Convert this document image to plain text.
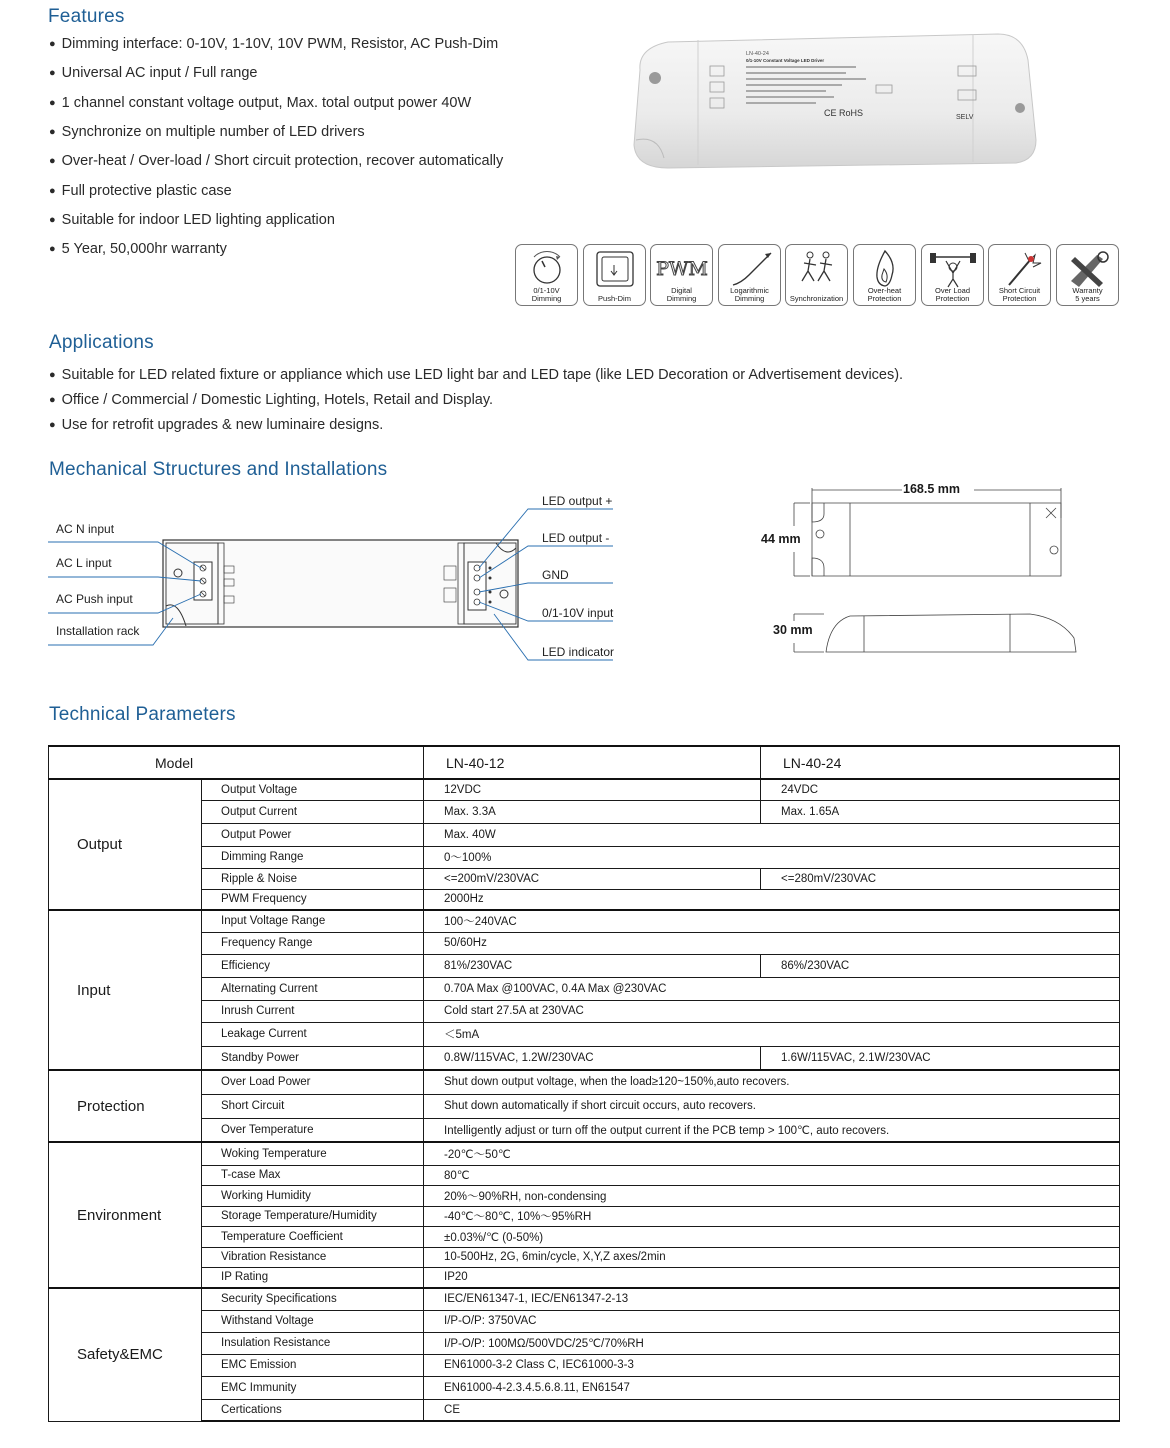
Features
● Dimming interface: 0-10V, 1-10V, 10V PWM, Resistor, AC Push-Dim
● Universal AC input / Full range
● 1 channel constant voltage output, Max. total output power 40W
● Synchronize on multiple number of LED drivers
● Over-heat / Over-load / Short circuit protection, recover automatically
● Full protective plastic case
● Suitable for indoor LED lighting application
● 5 Year, 50,000hr warranty
LN-40-24
0/1-10V Constant Voltage LED Driver
CE RoHS	SELV
0/1-10V
Dimming	Push-Dim
PWM
Digital
Dimming
Logarithmic
Dimming	Synchronization
Over-heat
Protection
Over Load
Protection
Short Circuit
Protection
Warranty
5 years
Applications
● Suitable for LED related fixture or appliance which use LED light bar and LED tape (like LED Decoration or Advertisement devices).
● Office / Commercial / Domestic Lighting, Hotels, Retail and Display.
● Use for retrofit upgrades & new luminaire designs.
Mechanical Structures and Installations
AC N input
AC L input
AC Push input
Installation rack
LED output +
LED output -
GND
0/1-10V input
LED indicator
168.5 mm
44 mm
30 mm
Technical Parameters
Model		LN-40-12	LN-40-24
Output	Output Voltage	12VDC	24VDC
	Output Current	Max. 3.3A	Max. 1.65A
	Output Power	Max. 40W	
	Dimming Range	0～100%	
	Ripple & Noise	<=200mV/230VAC	<=280mV/230VAC
	PWM Frequency	2000Hz	
Input	Input Voltage Range	100～240VAC	
	Frequency Range	50/60Hz	
	Efficiency	81%/230VAC	86%/230VAC
	Alternating Current	0.70A Max @100VAC, 0.4A Max @230VAC	
	Inrush Current	Cold start 27.5A at 230VAC	
	Leakage Current	＜5mA	
	Standby Power	0.8W/115VAC, 1.2W/230VAC	1.6W/115VAC, 2.1W/230VAC
Protection	Over Load Power	Shut down output voltage, when the load≥120~150%,auto recovers.	
	Short Circuit	Shut down automatically if short circuit occurs, auto recovers.	
	Over Temperature	Intelligently adjust or turn off the output current if the PCB temp > 100℃, auto recovers.	
Environment	Woking Temperature	-20℃～50℃	
	T-case Max	80℃	
	Working Humidity	20%～90%RH, non-condensing	
	Storage Temperature/Humidity	-40℃～80℃, 10%～95%RH	
	Temperature Coefficient	±0.03%/℃ (0-50%)	
	Vibration Resistance	10-500Hz, 2G, 6min/cycle, X,Y,Z axes/2min	
	IP Rating	IP20	
Safety&EMC	Security Specifications	IEC/EN61347-1, IEC/EN61347-2-13	
	Withstand Voltage	I/P-O/P: 3750VAC	
	Insulation Resistance	I/P-O/P: 100MΩ/500VDC/25℃/70%RH	
	EMC Emission	EN61000-3-2 Class C, IEC61000-3-3	
	EMC Immunity	EN61000-4-2.3.4.5.6.8.11, EN61547	
	Certications	CE	
